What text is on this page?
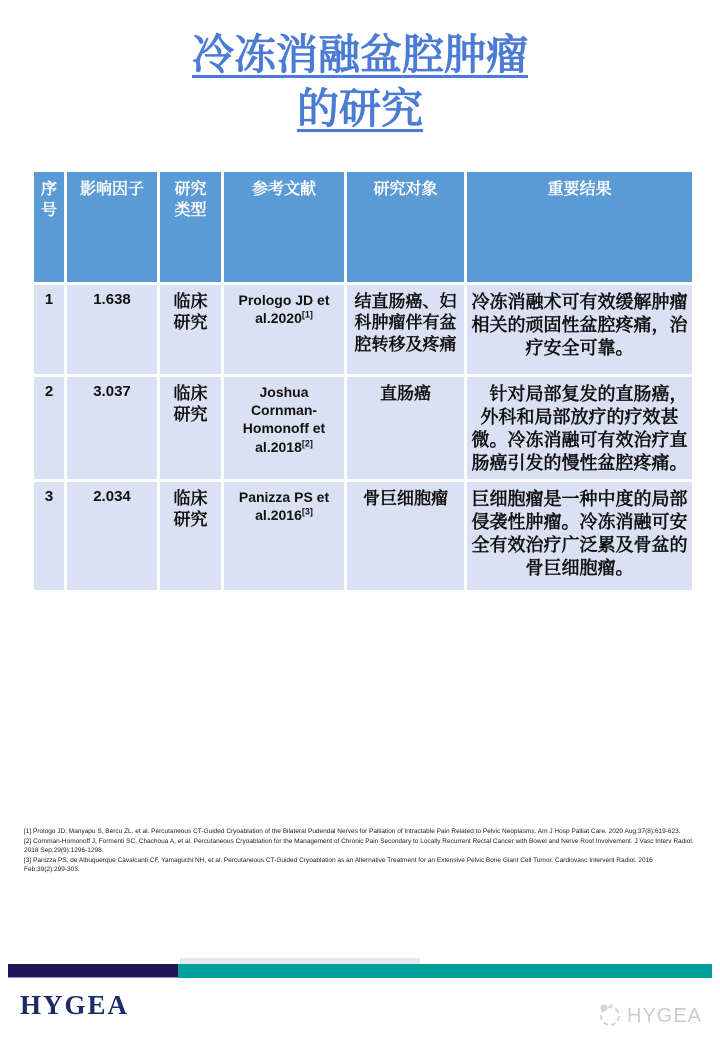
冷冻消融盆腔肿瘤
的研究
序号	影响因子	研究类型	参考文献	研究对象	重要结果
1	1.638	临床研究	Prologo JD et al.2020[1]	结直肠癌、妇科肿瘤伴有盆腔转移及疼痛	冷冻消融术可有效缓解肿瘤相关的顽固性盆腔疼痛，治疗安全可靠。
2	3.037	临床研究	Joshua Cornman-Homonoff et al.2018[2]	直肠癌	　针对局部复发的直肠癌，外科和局部放疗的疗效甚微。冷冻消融可有效治疗直肠癌引发的慢性盆腔疼痛。
3	2.034	临床研究	Panizza PS et al.2016[3]	骨巨细胞瘤	巨细胞瘤是一种中度的局部侵袭性肿瘤。冷冻消融可安全有效治疗广泛累及骨盆的骨巨细胞瘤。
[1] Prologo JD, Manyapu S, Bercu ZL, et al. Percutaneous CT-Guided Cryoablation of the Bilateral Pudendal Nerves for Palliation of Intractable Pain Related to Pelvic Neoplasms. Am J Hosp Palliat Care. 2020 Aug;37(8):619-623.
[2] Cornman-Homonoff J, Formenti SC, Chachoua A, et al. Percutaneous Cryoablation for the Management of Chronic Pain Secondary to Locally Recurrent Rectal Cancer with Bowel and Nerve Root Involvement. J Vasc Interv Radiol. 2018 Sep;29(9):1296-1298.
[3] Panizza PS, de Albuquerque Cavalcanti CF, Yamaguchi NH, et al. Percutaneous CT-Guided Cryoablation as an Alternative Treatment for an Extensive Pelvic Bone Giant Cell Tumor. Cardiovasc Intervent Radiol. 2016 Feb;39(2):299-303.
HYGEA	HYGEA
